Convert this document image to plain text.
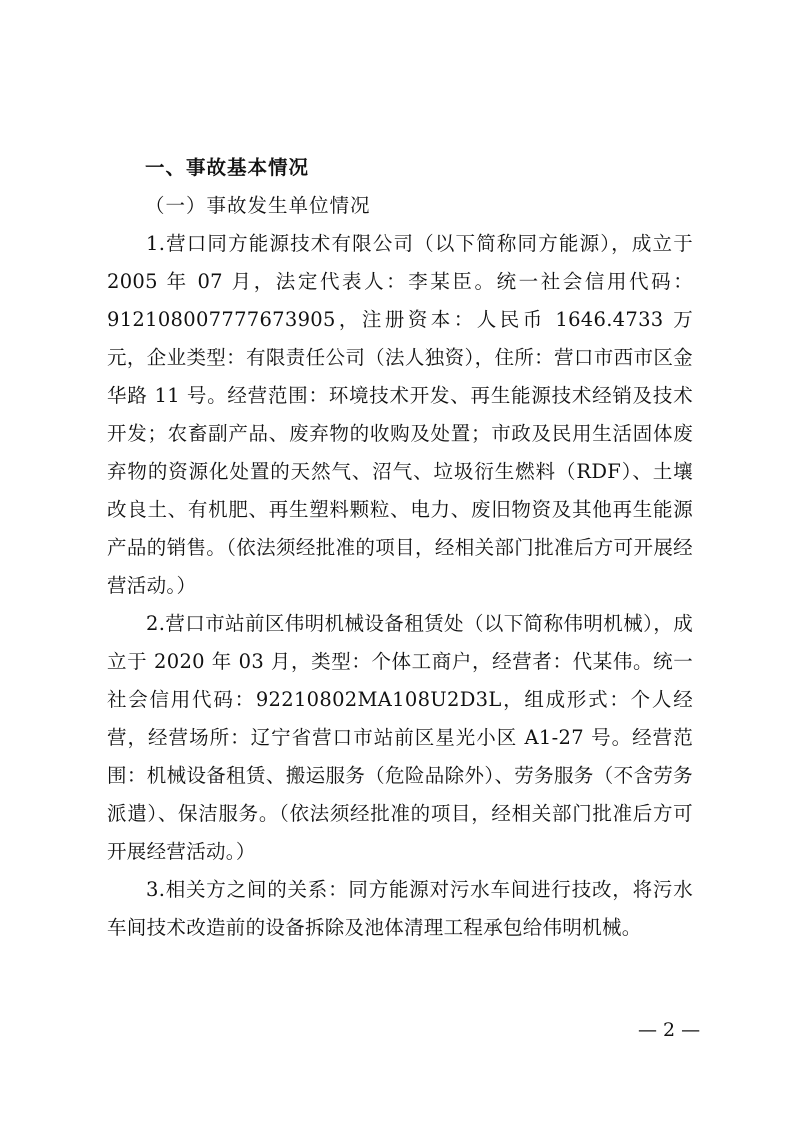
一、事故基本情况
（一）事故发生单位情况

1.营口同方能源技术有限公司（以下简称同方能源），成立于 2005 年 07 月，法定代表人：李某臣。统一社会信用代码：912108007777673905，注册资本：人民币 1646.4733 万元，企业类型：有限责任公司（法人独资），住所：营口市西市区金华路 11 号。经营范围：环境技术开发、再生能源技术经销及技术开发；农畜副产品、废弃物的收购及处置；市政及民用生活固体废弃物的资源化处置的天然气、沼气、垃圾衍生燃料（RDF）、土壤改良土、有机肥、再生塑料颗粒、电力、废旧物资及其他再生能源产品的销售。（依法须经批准的项目，经相关部门批准后方可开展经营活动。）

2.营口市站前区伟明机械设备租赁处（以下简称伟明机械），成立于 2020 年 03 月，类型：个体工商户，经营者：代某伟。统一社会信用代码：92210802MA108U2D3L，组成形式：个人经营，经营场所：辽宁省营口市站前区星光小区 A1-27 号。经营范围：机械设备租赁、搬运服务（危险品除外）、劳务服务（不含劳务派遣）、保洁服务。（依法须经批准的项目，经相关部门批准后方可开展经营活动。）

3.相关方之间的关系：同方能源对污水车间进行技改，将污水车间技术改造前的设备拆除及池体清理工程承包给伟明机械。

— 2 —
